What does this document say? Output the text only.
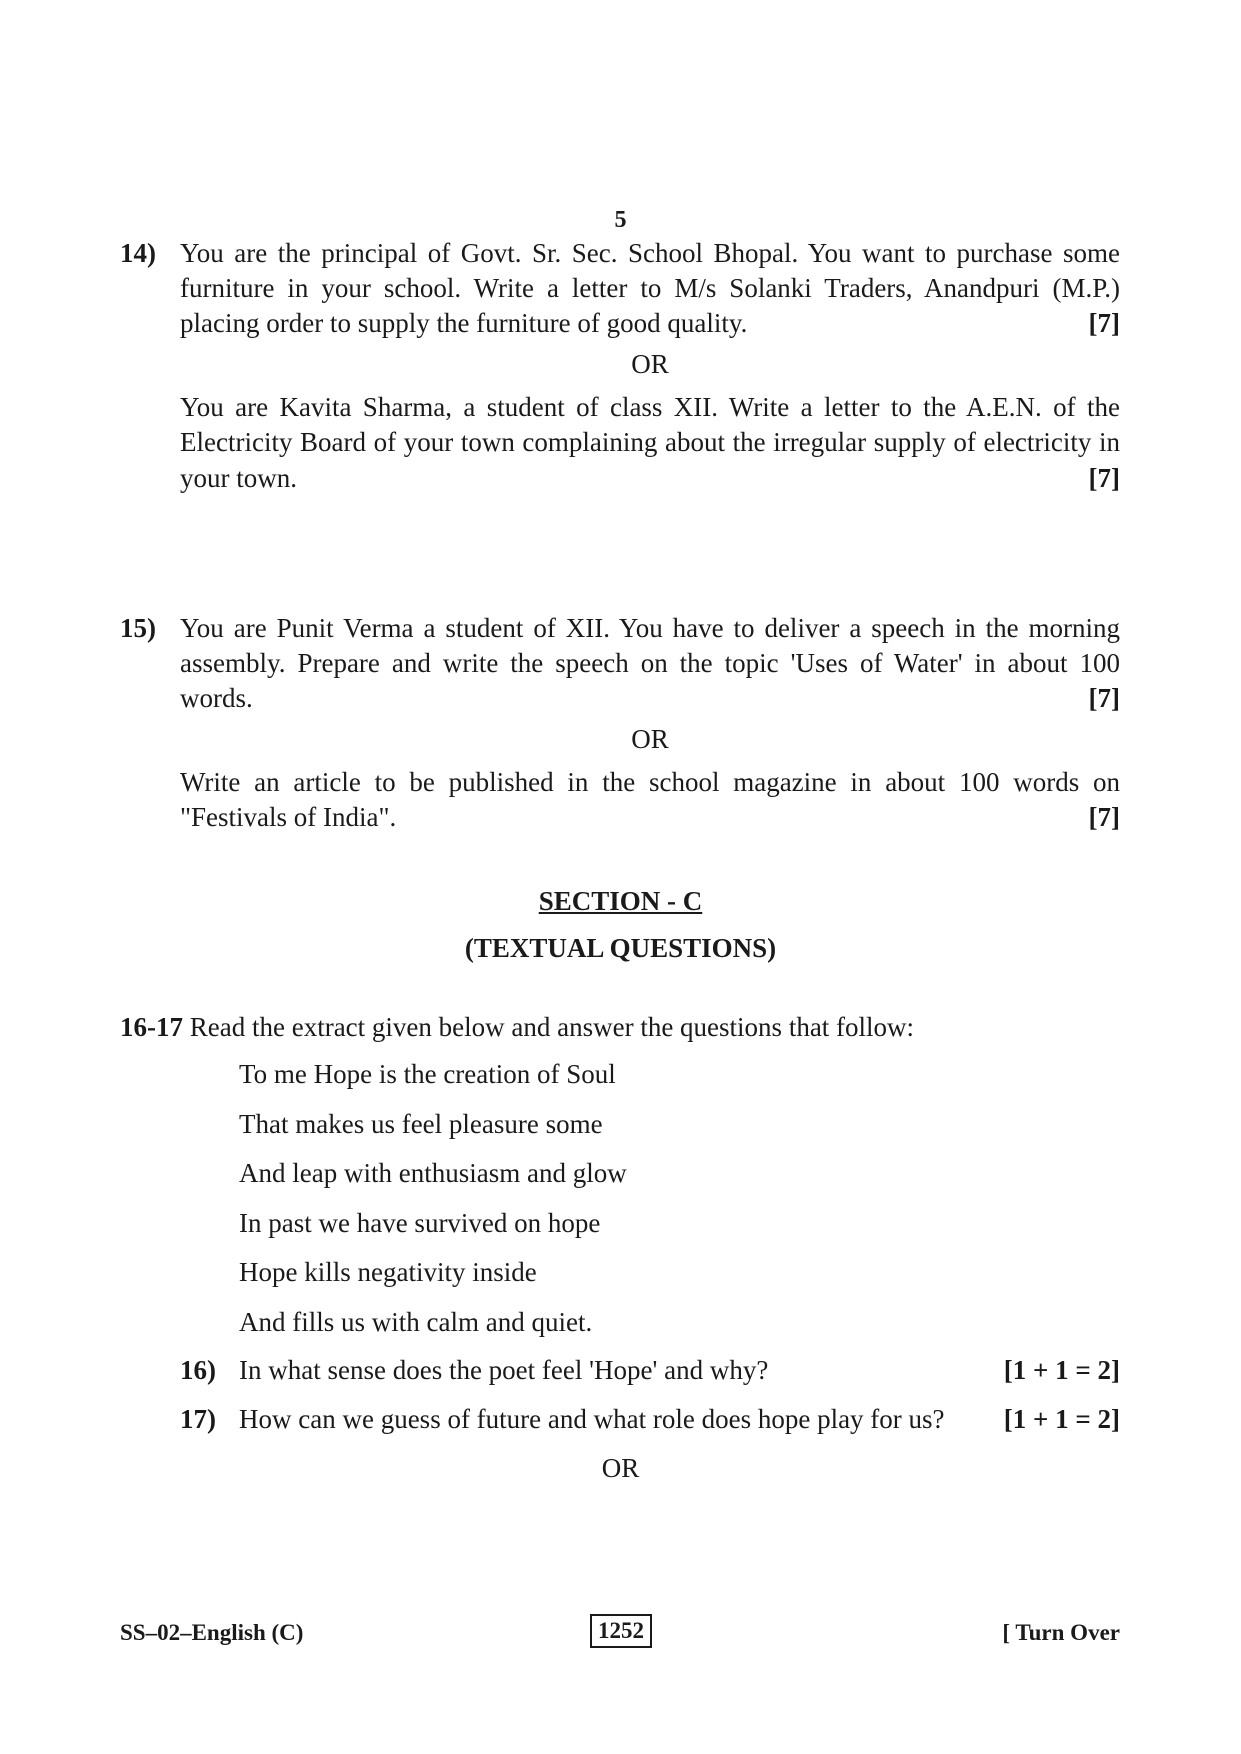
5
14) You are the principal of Govt. Sr. Sec. School Bhopal. You want to purchase some furniture in your school. Write a letter to M/s Solanki Traders, Anandpuri (M.P.) placing order to supply the furniture of good quality.	[7]
OR
You are Kavita Sharma, a student of class XII. Write a letter to the A.E.N. of the Electricity Board of your town complaining about the irregular supply of electricity in your town.	[7]
15) You are Punit Verma a student of XII. You have to deliver a speech in the morning assembly. Prepare and write the speech on the topic 'Uses of Water' in about 100 words.	[7]
OR
Write an article to be published in the school magazine in about 100 words on "Festivals of India".	[7]
SECTION - C
(TEXTUAL QUESTIONS)
16-17 Read the extract given below and answer the questions that follow:
To me Hope is the creation of Soul
That makes us feel pleasure some
And leap with enthusiasm and glow
In past we have survived on hope
Hope kills negativity inside
And fills us with calm and quiet.
16) In what sense does the poet feel 'Hope' and why?	[1 + 1 = 2]
17) How can we guess of future and what role does hope play for us? [1 + 1 = 2]
OR
SS–02–English (C)	1252	[ Turn Over
